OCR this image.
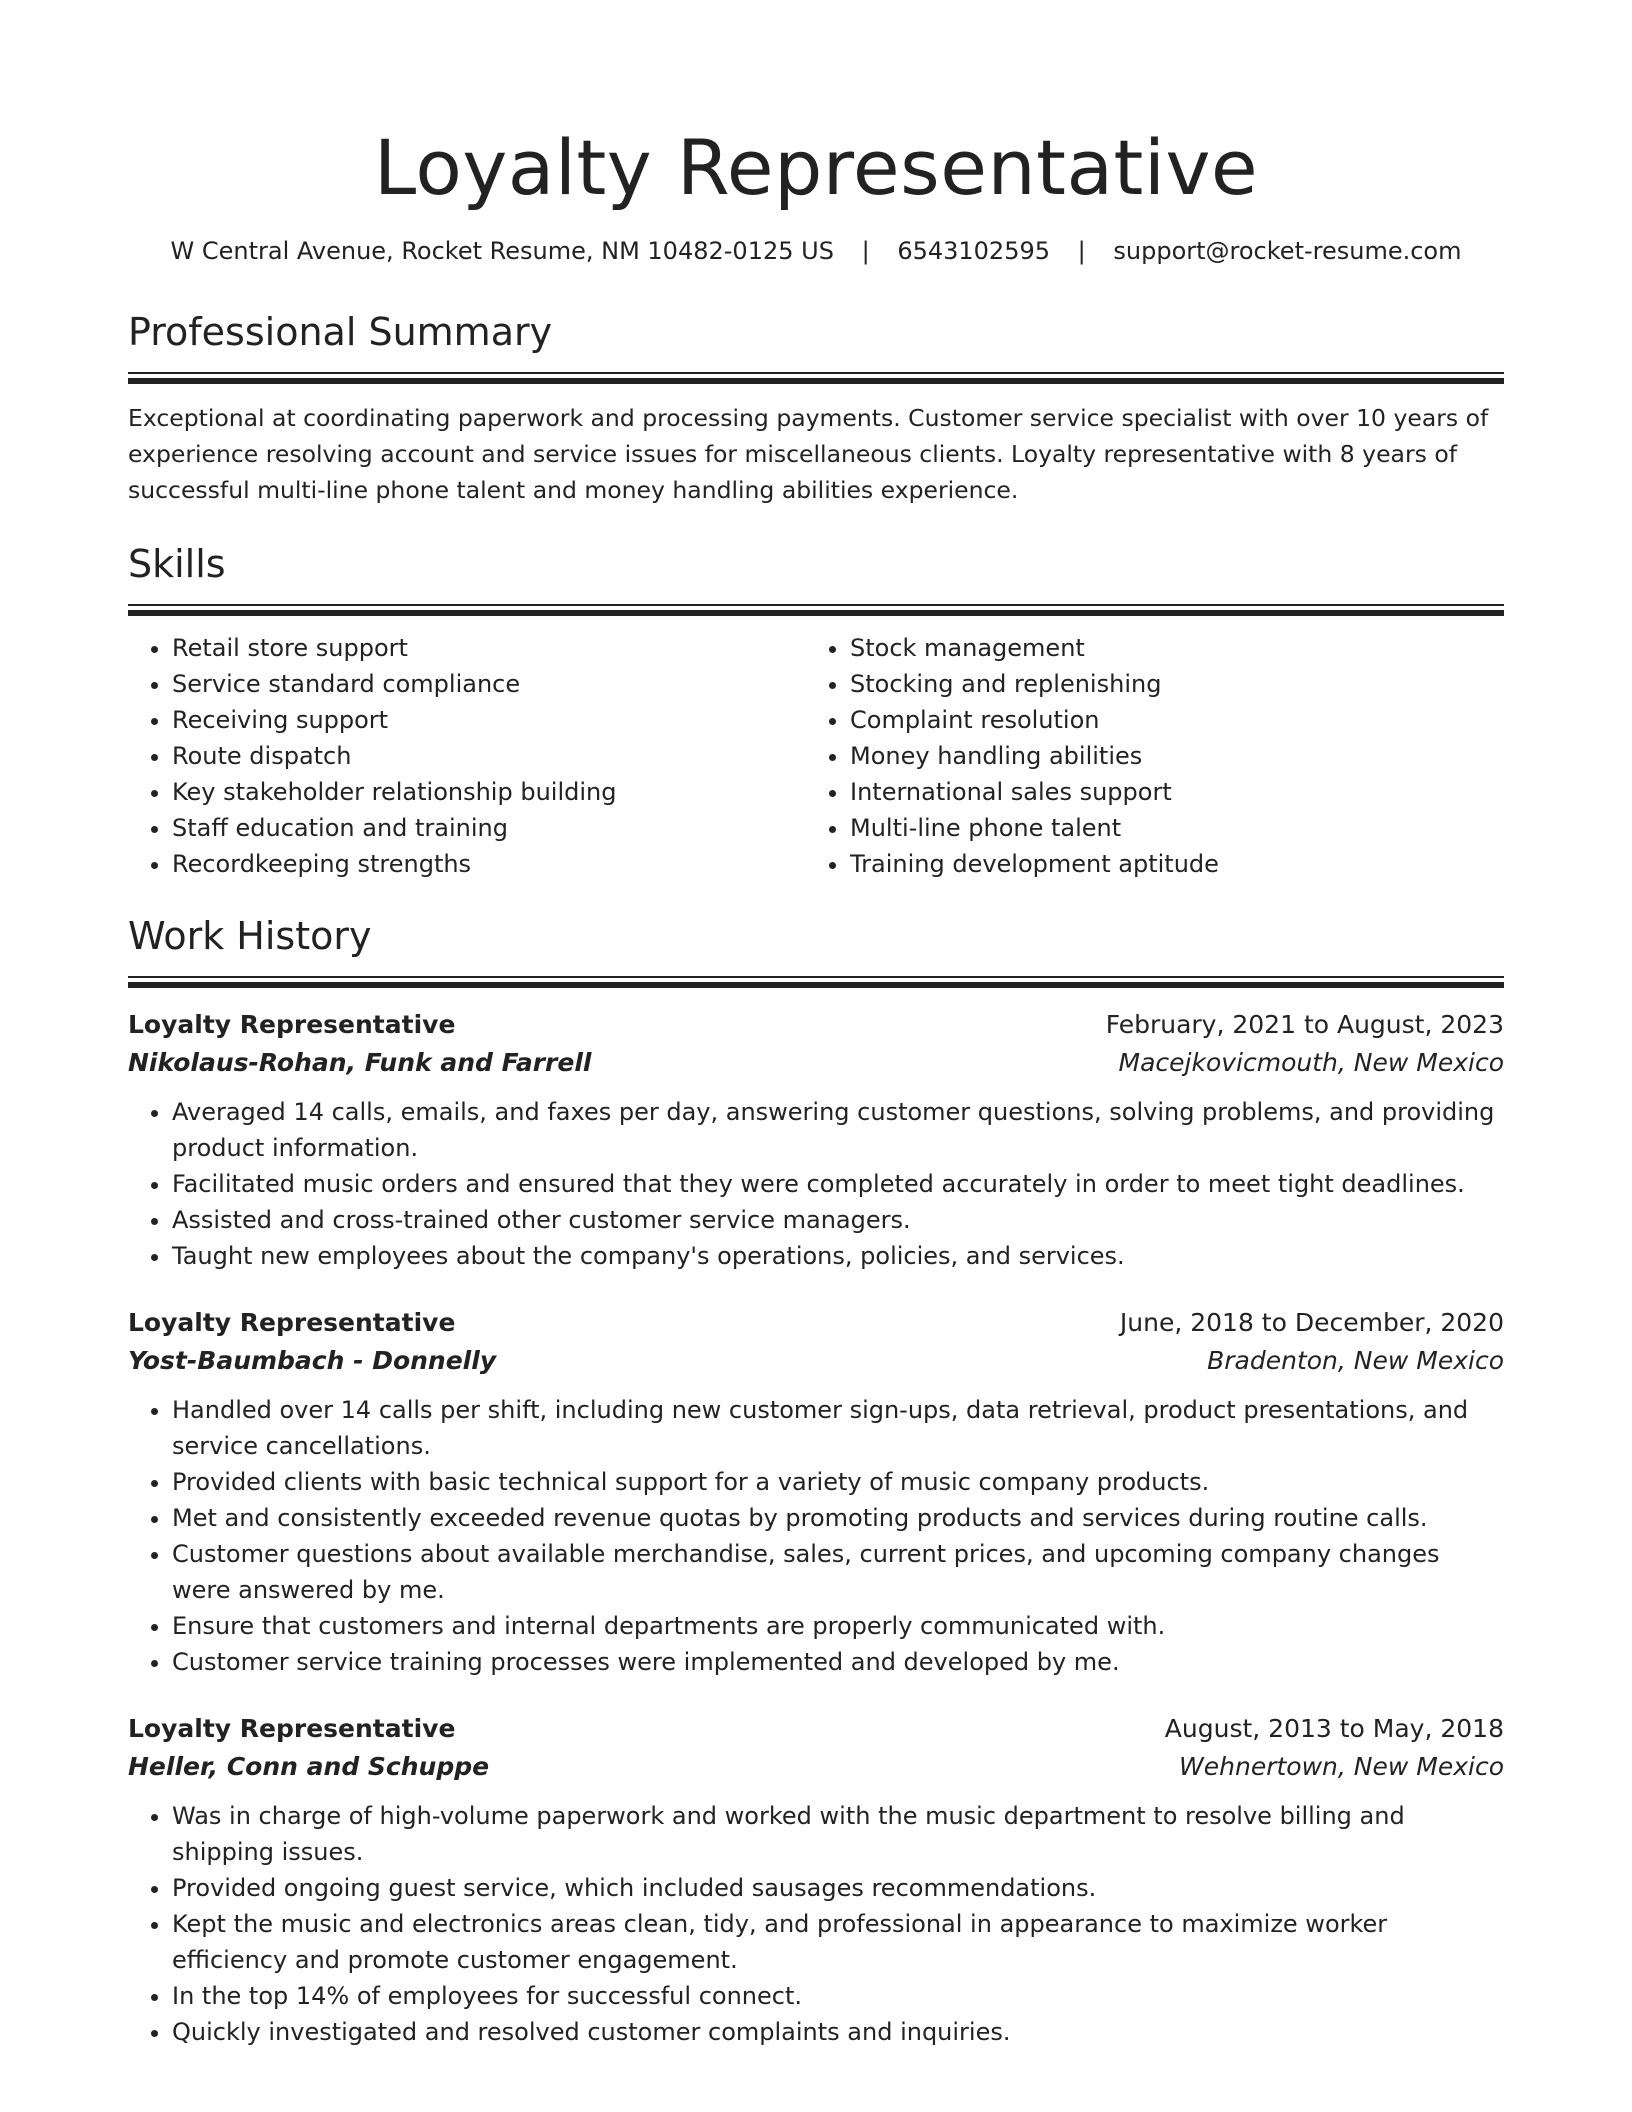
Loyalty Representative
W Central Avenue, Rocket Resume, NM 10482-0125 US | 6543102595 | support@rocket-resume.com
Professional Summary
Exceptional at coordinating paperwork and processing payments. Customer service specialist with over 10 years of experience resolving account and service issues for miscellaneous clients. Loyalty representative with 8 years of successful multi-line phone talent and money handling abilities experience.
Skills
• Retail store support
• Service standard compliance
• Receiving support
• Route dispatch
• Key stakeholder relationship building
• Staff education and training
• Recordkeeping strengths
• Stock management
• Stocking and replenishing
• Complaint resolution
• Money handling abilities
• International sales support
• Multi-line phone talent
• Training development aptitude
Work History
Loyalty Representative	February, 2021 to August, 2023
Nikolaus-Rohan, Funk and Farrell	Macejkovicmouth, New Mexico
• Averaged 14 calls, emails, and faxes per day, answering customer questions, solving problems, and providing product information.
• Facilitated music orders and ensured that they were completed accurately in order to meet tight deadlines.
• Assisted and cross-trained other customer service managers.
• Taught new employees about the company's operations, policies, and services.
Loyalty Representative	June, 2018 to December, 2020
Yost-Baumbach - Donnelly	Bradenton, New Mexico
• Handled over 14 calls per shift, including new customer sign-ups, data retrieval, product presentations, and service cancellations.
• Provided clients with basic technical support for a variety of music company products.
• Met and consistently exceeded revenue quotas by promoting products and services during routine calls.
• Customer questions about available merchandise, sales, current prices, and upcoming company changes were answered by me.
• Ensure that customers and internal departments are properly communicated with.
• Customer service training processes were implemented and developed by me.
Loyalty Representative	August, 2013 to May, 2018
Heller, Conn and Schuppe	Wehnertown, New Mexico
• Was in charge of high-volume paperwork and worked with the music department to resolve billing and shipping issues.
• Provided ongoing guest service, which included sausages recommendations.
• Kept the music and electronics areas clean, tidy, and professional in appearance to maximize worker efficiency and promote customer engagement.
• In the top 14% of employees for successful connect.
• Quickly investigated and resolved customer complaints and inquiries.
